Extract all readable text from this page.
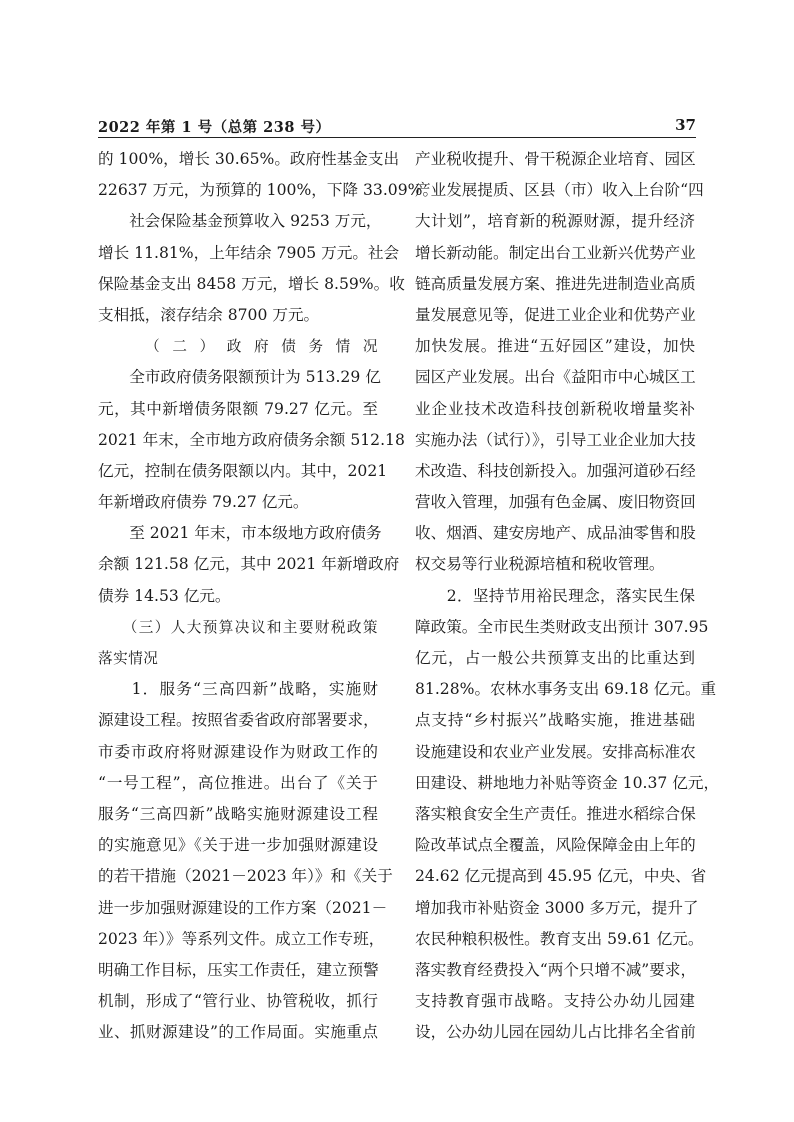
2022 年第 1 号（总第 238 号）	37
的 100%，增长 30.65%。政府性基金支出
22637 万元，为预算的 100%，下降 33.09%。
　　社会保险基金预算收入 9253 万元，
增长 11.81%，上年结余 7905 万元。社会
保险基金支出 8458 万元，增长 8.59%。收
支相抵，滚存结余 8700 万元。
　　（二）政府债务情况
　　全市政府债务限额预计为 513.29 亿
元，其中新增债务限额 79.27 亿元。至
2021 年末，全市地方政府债务余额 512.18
亿元，控制在债务限额以内。其中，2021
年新增政府债券 79.27 亿元。
　　至 2021 年末，市本级地方政府债务
余额 121.58 亿元，其中 2021 年新增政府
债券 14.53 亿元。
　　（三）人大预算决议和主要财税政策
落实情况
　　1．服务“三高四新”战略，实施财
源建设工程。按照省委省政府部署要求，
市委市政府将财源建设作为财政工作的
“一号工程”，高位推进。出台了《关于
服务“三高四新”战略实施财源建设工程
的实施意见》《关于进一步加强财源建设
的若干措施（2021－2023 年）》和《关于
进一步加强财源建设的工作方案（2021－
2023 年）》等系列文件。成立工作专班，
明确工作目标，压实工作责任，建立预警
机制，形成了“管行业、协管税收，抓行
业、抓财源建设”的工作局面。实施重点
产业税收提升、骨干税源企业培育、园区
产业发展提质、区县（市）收入上台阶“四
大计划”，培育新的税源财源，提升经济
增长新动能。制定出台工业新兴优势产业
链高质量发展方案、推进先进制造业高质
量发展意见等，促进工业企业和优势产业
加快发展。推进“五好园区”建设，加快
园区产业发展。出台《益阳市中心城区工
业企业技术改造科技创新税收增量奖补
实施办法（试行）》，引导工业企业加大技
术改造、科技创新投入。加强河道砂石经
营收入管理，加强有色金属、废旧物资回
收、烟酒、建安房地产、成品油零售和股
权交易等行业税源培植和税收管理。
　　2．坚持节用裕民理念，落实民生保
障政策。全市民生类财政支出预计 307.95
亿元，占一般公共预算支出的比重达到
81.28%。农林水事务支出 69.18 亿元。重
点支持“乡村振兴”战略实施，推进基础
设施建设和农业产业发展。安排高标准农
田建设、耕地地力补贴等资金 10.37 亿元，
落实粮食安全生产责任。推进水稻综合保
险改革试点全覆盖，风险保障金由上年的
24.62 亿元提高到 45.95 亿元，中央、省
增加我市补贴资金 3000 多万元，提升了
农民种粮积极性。教育支出 59.61 亿元。
落实教育经费投入“两个只增不减”要求，
支持教育强市战略。支持公办幼儿园建
设，公办幼儿园在园幼儿占比排名全省前
